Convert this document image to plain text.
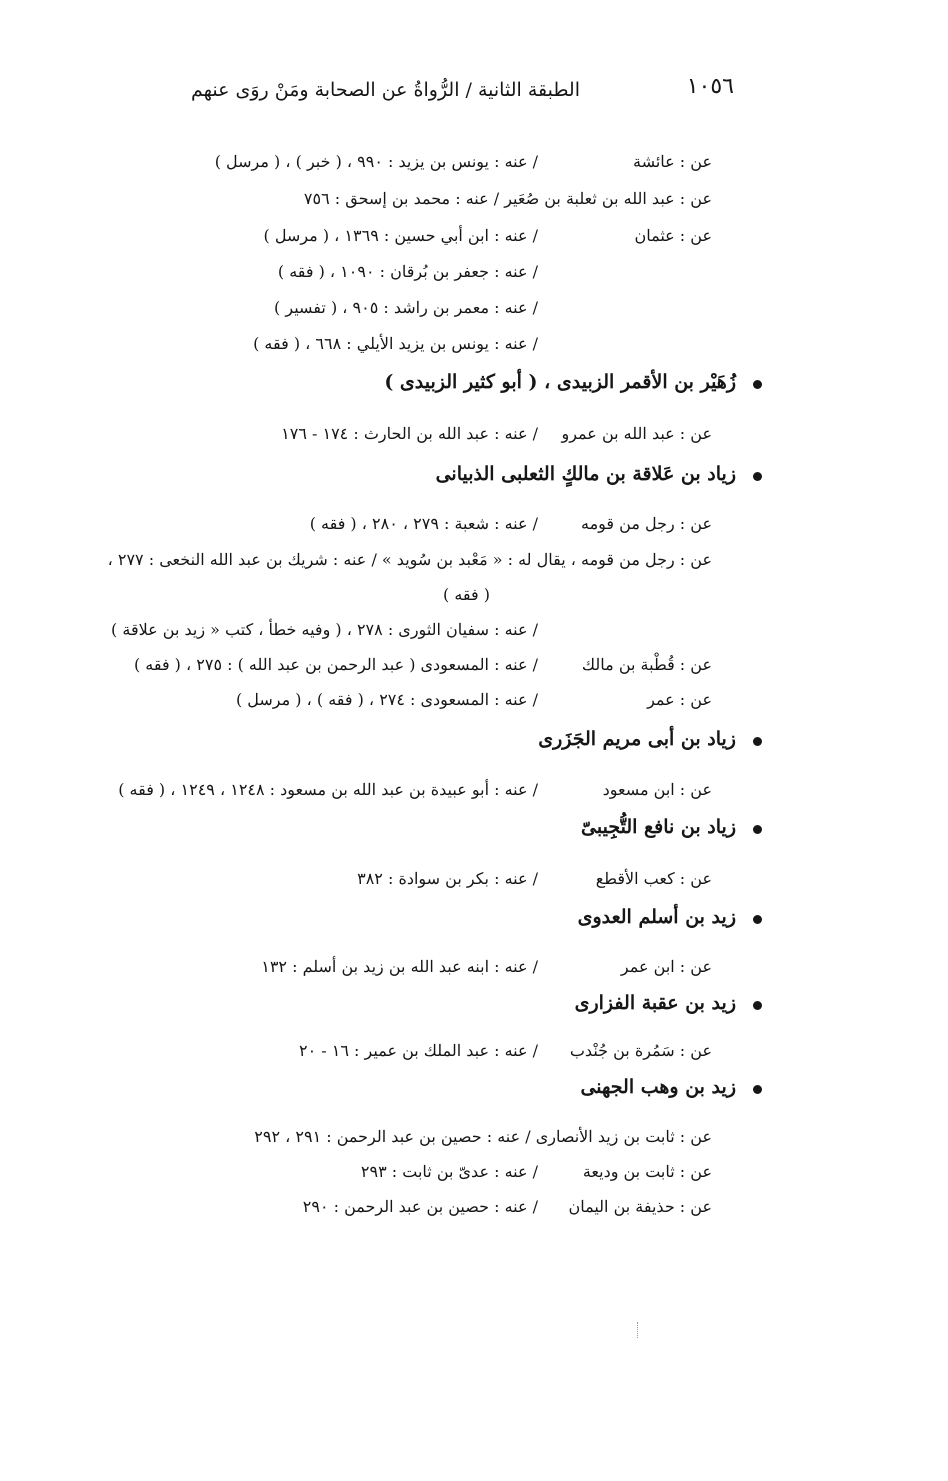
١٠٥٦
الطبقة الثانية / الرُّواةُ عن الصحابة ومَنْ روَى عنهم
عن : عائشة
/ عنه : يونس بن يزيد : ٩٩٠ ، ( خبر ) ، ( مرسل )
عن : عبد الله بن ثعلبة بن صُعَير / عنه : محمد بن إسحق : ٧٥٦
عن : عثمان
/ عنه : ابن أبي حسين : ١٣٦٩ ، ( مرسل )
/ عنه : جعفر بن بُرقان : ١٠٩٠ ، ( فقه )
/ عنه : معمر بن راشد : ٩٠٥ ، ( تفسير )
/ عنه : يونس بن يزيد الأيلي : ٦٦٨ ، ( فقه )
زُهَيْر بن الأقمر الزبيدى ، ( أبو كثير الزبيدى )
عن : عبد الله بن عمرو
/ عنه : عبد الله بن الحارث : ١٧٤ - ١٧٦
زياد بن عَلاقة بن مالكٍ الثعلبى الذبيانى
عن : رجل من قومه
/ عنه : شعبة : ٢٧٩ ، ٢٨٠ ، ( فقه )
عن : رجل من قومه ، يقال له : « مَعْبد بن سُويد » / عنه : شريك بن عبد الله النخعى : ٢٧٧ ،
( فقه )
/ عنه : سفيان الثورى : ٢٧٨ ، ( وفيه خطأ ، كتب « زيد بن علاقة )
عن : قُطْبة بن مالك
/ عنه : المسعودى ( عبد الرحمن بن عبد الله ) : ٢٧٥ ، ( فقه )
عن : عمر
/ عنه : المسعودى : ٢٧٤ ، ( فقه ) ، ( مرسل )
زياد بن أبى مريم الجَزَرى
عن : ابن مسعود
/ عنه : أبو عبيدة بن عبد الله بن مسعود : ١٢٤٨ ، ١٢٤٩ ، ( فقه )
زياد بن نافع التُّجِيبىّ
عن : كعب الأقطع
/ عنه : بكر بن سوادة : ٣٨٢
زيد بن أسلم العدوى
عن : ابن عمر
/ عنه : ابنه عبد الله بن زيد بن أسلم : ١٣٢
زيد بن عقبة الفزارى
عن : سَمُرة بن جُنْدب
/ عنه : عبد الملك بن عمير : ١٦ - ٢٠
زيد بن وهب الجهنى
عن : ثابت بن زيد الأنصارى / عنه : حصين بن عبد الرحمن : ٢٩١ ، ٢٩٢
عن : ثابت بن وديعة
/ عنه : عدىّ بن ثابت : ٢٩٣
عن : حذيفة بن اليمان
/ عنه : حصين بن عبد الرحمن : ٢٩٠
